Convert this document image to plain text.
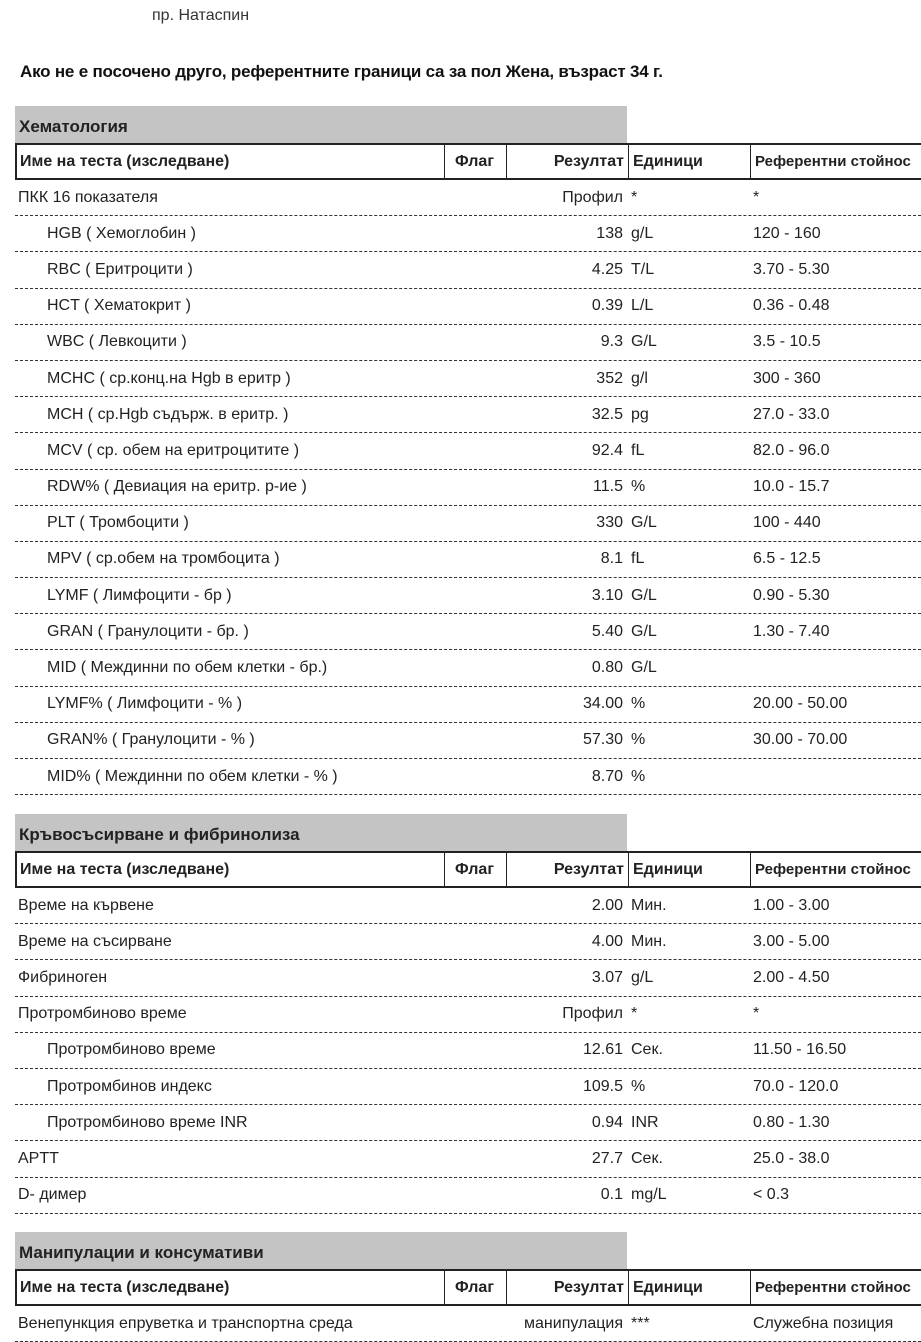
пр. Натаспин
Ако не е посочено друго, референтните граници са за пол Жена, възраст 34 г.
Хематология
Име на теста (изследване)	Флаг	Резултат Единици	Референтни стойнос
ПКК 16 показателя	Профил *	*
HGB ( Хемоглобин )	138 g/L	120 - 160
RBC ( Еритроцити )	4.25 T/L	3.70 - 5.30
HCT ( Хематокрит )	0.39 L/L	0.36 - 0.48
WBC ( Левкоцити )	9.3 G/L	3.5 - 10.5
MCHC ( ср.конц.на Hgb в еритр )	352 g/l	300 - 360
MCH ( ср.Hgb съдърж. в еритр. )	32.5 pg	27.0 - 33.0
MCV ( ср. обем на еритроцитите )	92.4 fL	82.0 - 96.0
RDW% ( Девиация на еритр. р-ие )	11.5 %	10.0 - 15.7
PLT ( Тромбоцити )	330 G/L	100 - 440
MPV ( ср.обем на тромбоцита )	8.1 fL	6.5 - 12.5
LYMF ( Лимфоцити - бр )	3.10 G/L	0.90 - 5.30
GRAN ( Гранулоцити - бр. )	5.40 G/L	1.30 - 7.40
MID ( Междинни по обем клетки - бр.)	0.80 G/L
LYMF% ( Лимфоцити - % )	34.00 %	20.00 - 50.00
GRAN% ( Гранулоцити - % )	57.30 %	30.00 - 70.00
MID% ( Междинни по обем клетки - % )	8.70 %
Кръвосъсирване и фибринолиза
Име на теста (изследване)	Флаг	Резултат Единици	Референтни стойнос
Време на кървене	2.00 Мин.	1.00 - 3.00
Време на съсирване	4.00 Мин.	3.00 - 5.00
Фибриноген	3.07 g/L	2.00 - 4.50
Протромбиново време	Профил *	*
Протромбиново време	12.61 Сек.	11.50 - 16.50
Протромбинов индекс	109.5 %	70.0 - 120.0
Протромбиново време INR	0.94 INR	0.80 - 1.30
APTT	27.7 Сек.	25.0 - 38.0
D- димер	0.1 mg/L	< 0.3
Манипулации и консумативи
Име на теста (изследване)	Флаг	Резултат Единици	Референтни стойнос
Венепункция епруветка и транспортна среда	манипулация ***	Служебна позиция
